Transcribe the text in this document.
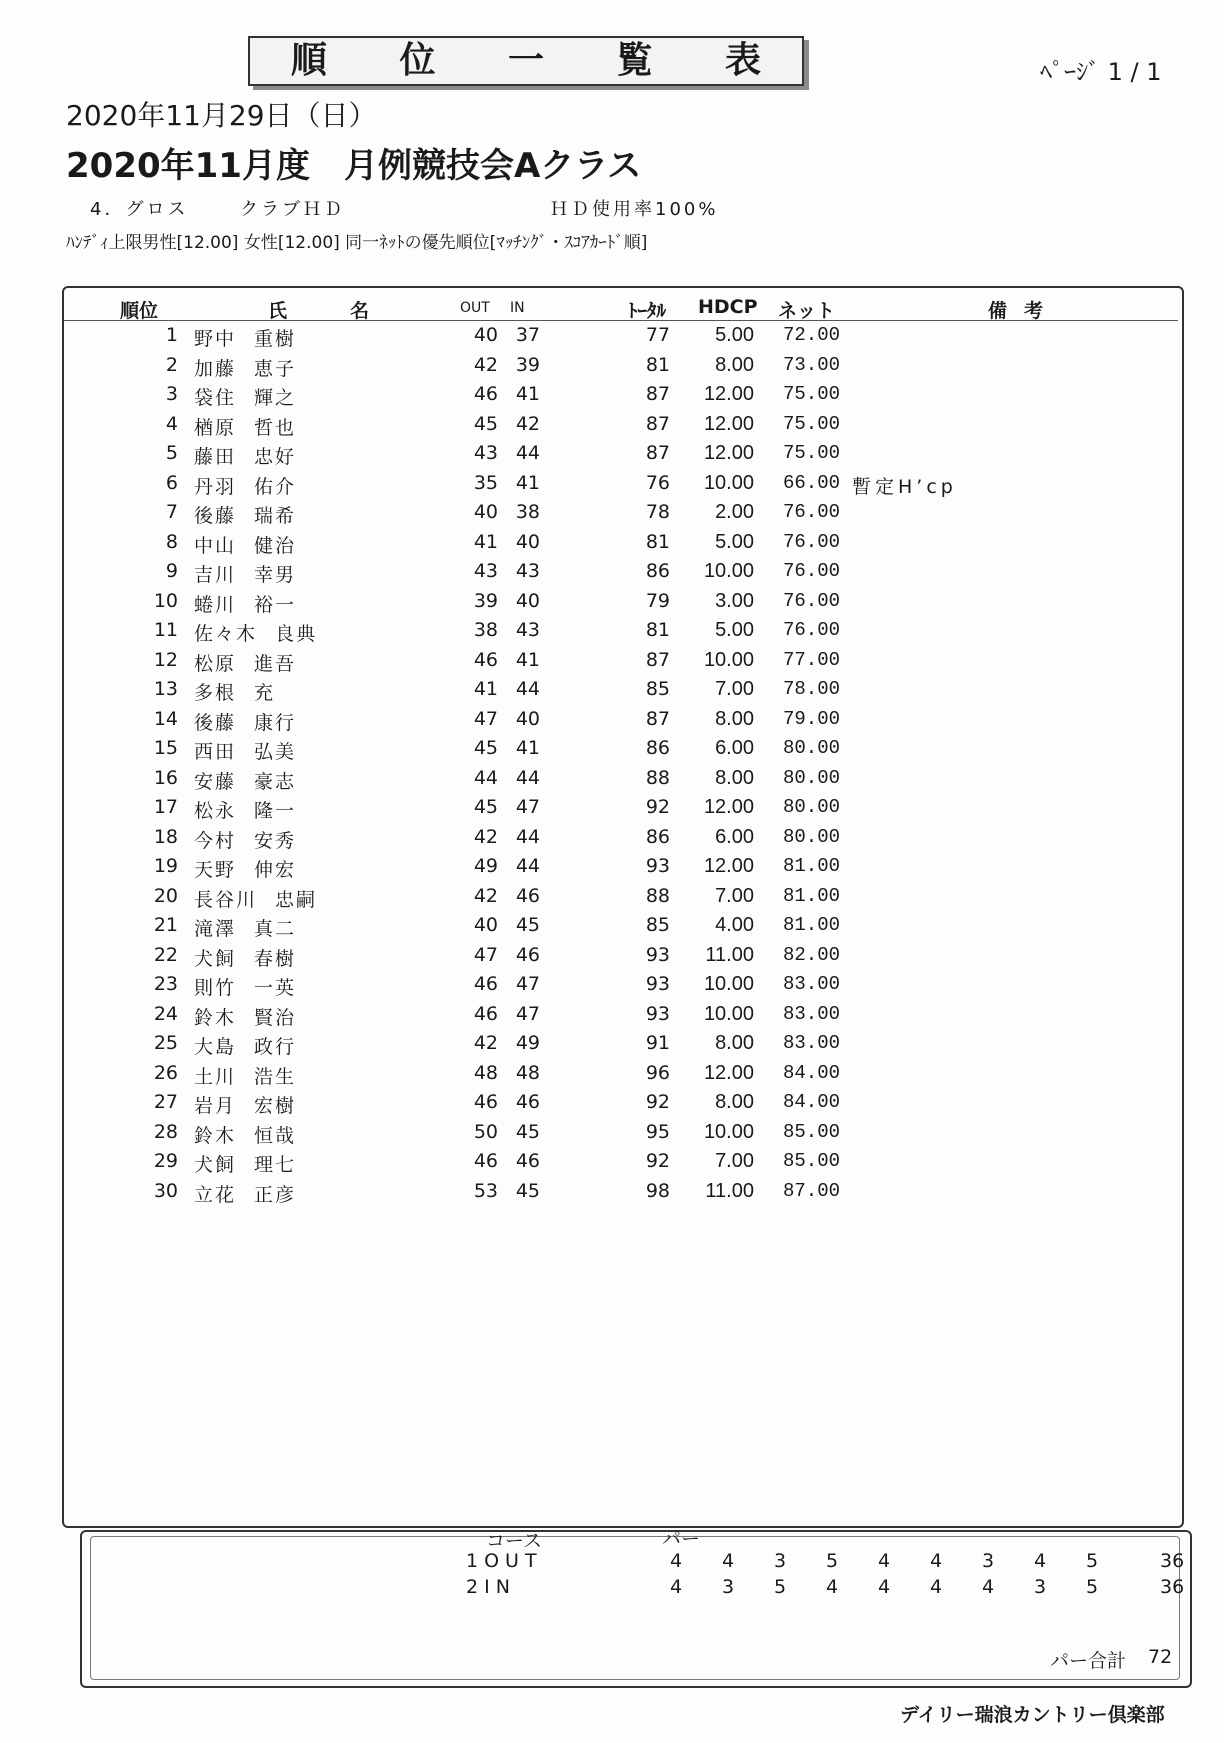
順 位 一 覧 表	ﾍﾟｰｼﾞ 1 / 1
2020年11月29日（日）
2020年11月度　月例競技会Aクラス
4．グロス	クラブＨＤ	ＨＤ使用率100%
ﾊﾝﾃﾞｨ上限男性[12.00] 女性[12.00] 同一ﾈｯﾄの優先順位[ﾏｯﾁﾝｸﾞ・ｽｺｱｶｰﾄﾞ順]
順位	氏	名	OUT IN	ﾄｰﾀﾙ HDCP ネット	備 考
1 野中 重樹	40 37	77	5.00	72.00
2 加藤 恵子	42 39	81	8.00	73.00
3 袋住 輝之	46 41	87	12.00	75.00
4 楢原 哲也	45 42	87	12.00	75.00
5 藤田 忠好	43 44	87	12.00	75.00
6 丹羽 佑介	35 41	76	10.00	66.00 暫定H’cp
7 後藤 瑞希	40 38	78	2.00	76.00
8 中山 健治	41 40	81	5.00	76.00
9 吉川 幸男	43 43	86	10.00	76.00
10 蜷川 裕一	39 40	79	3.00	76.00
11 佐々木 良典	38 43	81	5.00	76.00
12 松原 進吾	46 41	87	10.00	77.00
13 多根 充	41 44	85	7.00	78.00
14 後藤 康行	47 40	87	8.00	79.00
15 西田 弘美	45 41	86	6.00	80.00
16 安藤 豪志	44 44	88	8.00	80.00
17 松永 隆一	45 47	92	12.00	80.00
18 今村 安秀	42 44	86	6.00	80.00
19 天野 伸宏	49 44	93	12.00	81.00
20 長谷川 忠嗣	42 46	88	7.00	81.00
21 滝澤 真二	40 45	85	4.00	81.00
22 犬飼 春樹	47 46	93	11.00	82.00
23 則竹 一英	46 47	93	10.00	83.00
24 鈴木 賢治	46 47	93	10.00	83.00
25 大島 政行	42 49	91	8.00	83.00
26 土川 浩生	48 48	96	12.00	84.00
27 岩月 宏樹	46 46	92	8.00	84.00
28 鈴木 恒哉	50 45	95	10.00	85.00
29 犬飼 理七	46 46	92	7.00	85.00
30 立花 正彦	53 45	98	11.00	87.00
コース	パー
1OUT	4	4	3	5	4	4	3	4	5	36
2IN	4	3	5	4	4	4	4	3	5	36
パー合計 72
デイリー瑞浪カントリー倶楽部
